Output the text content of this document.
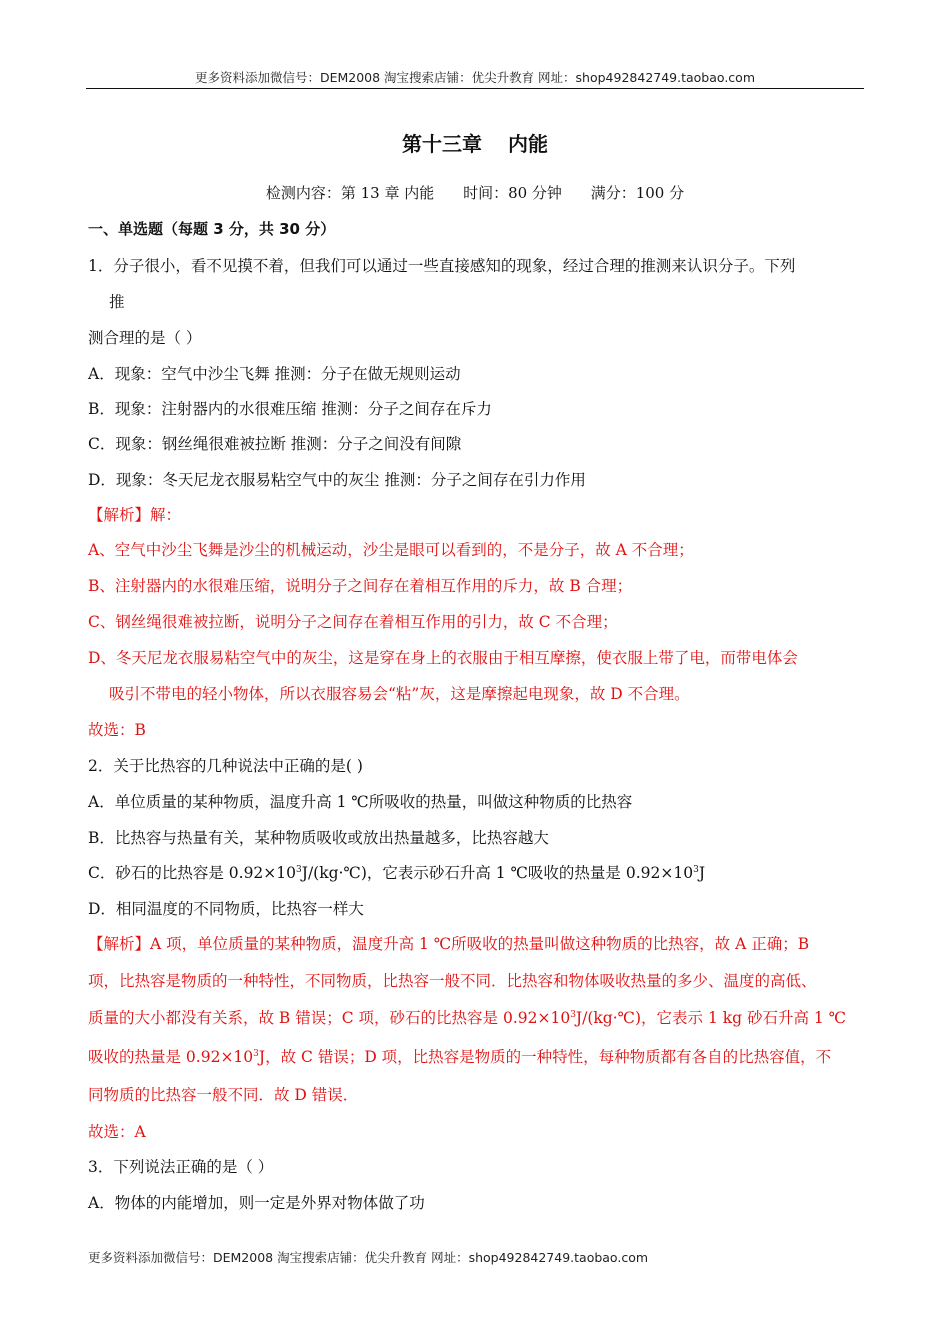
更多资料添加微信号：DEM2008 淘宝搜索店铺：优尖升教育 网址：shop492842749.taobao.com
第十三章 内能
检测内容：第 13 章 内能 时间：80 分钟 满分：100 分
一、单选题（每题 3 分，共 30 分）
1．分子很小，看不见摸不着，但我们可以通过一些直接感知的现象，经过合理的推测来认识分子。下列
推
测合理的是（ ）
A．现象：空气中沙尘飞舞 推测：分子在做无规则运动
B．现象：注射器内的水很难压缩 推测：分子之间存在斥力
C．现象：钢丝绳很难被拉断 推测：分子之间没有间隙
D．现象：冬天尼龙衣服易粘空气中的灰尘 推测：分子之间存在引力作用
【解析】解：
A、空气中沙尘飞舞是沙尘的机械运动，沙尘是眼可以看到的，不是分子，故 A 不合理；
B、注射器内的水很难压缩，说明分子之间存在着相互作用的斥力，故 B 合理；
C、钢丝绳很难被拉断，说明分子之间存在着相互作用的引力，故 C 不合理；
D、冬天尼龙衣服易粘空气中的灰尘，这是穿在身上的衣服由于相互摩擦，使衣服上带了电，而带电体会
吸引不带电的轻小物体，所以衣服容易会“粘”灰，这是摩擦起电现象，故 D 不合理。
故选：B
2．关于比热容的几种说法中正确的是( )
A．单位质量的某种物质，温度升高 1 ℃所吸收的热量，叫做这种物质的比热容
B．比热容与热量有关，某种物质吸收或放出热量越多，比热容越大
C．砂石的比热容是 $0.92\times 10^3J/(kg\cdot℃)$，它表示砂石升高 1 ℃吸收的热量是 $0.92\times 10^3J$
D．相同温度的不同物质，比热容一样大
【解析】A 项，单位质量的某种物质，温度升高 1 ℃所吸收的热量叫做这种物质的比热容，故 A 正确；B
项，比热容是物质的一种特性，不同物质，比热容一般不同．比热容和物体吸收热量的多少、温度的高低、
质量的大小都没有关系，故 B 错误；C 项，砂石的比热容是 $0.92\times 10^3J/(kg\cdot℃)$，它表示 1 kg 砂石升高 1 ℃
吸收的热量是 $0.92\times 10^3J$，故 C 错误；D 项，比热容是物质的一种特性，每种物质都有各自的比热容值，不
同物质的比热容一般不同．故 D 错误．
故选：A
3．下列说法正确的是（ ）
A．物体的内能增加，则一定是外界对物体做了功
更多资料添加微信号：DEM2008 淘宝搜索店铺：优尖升教育 网址：shop492842749.taobao.com
